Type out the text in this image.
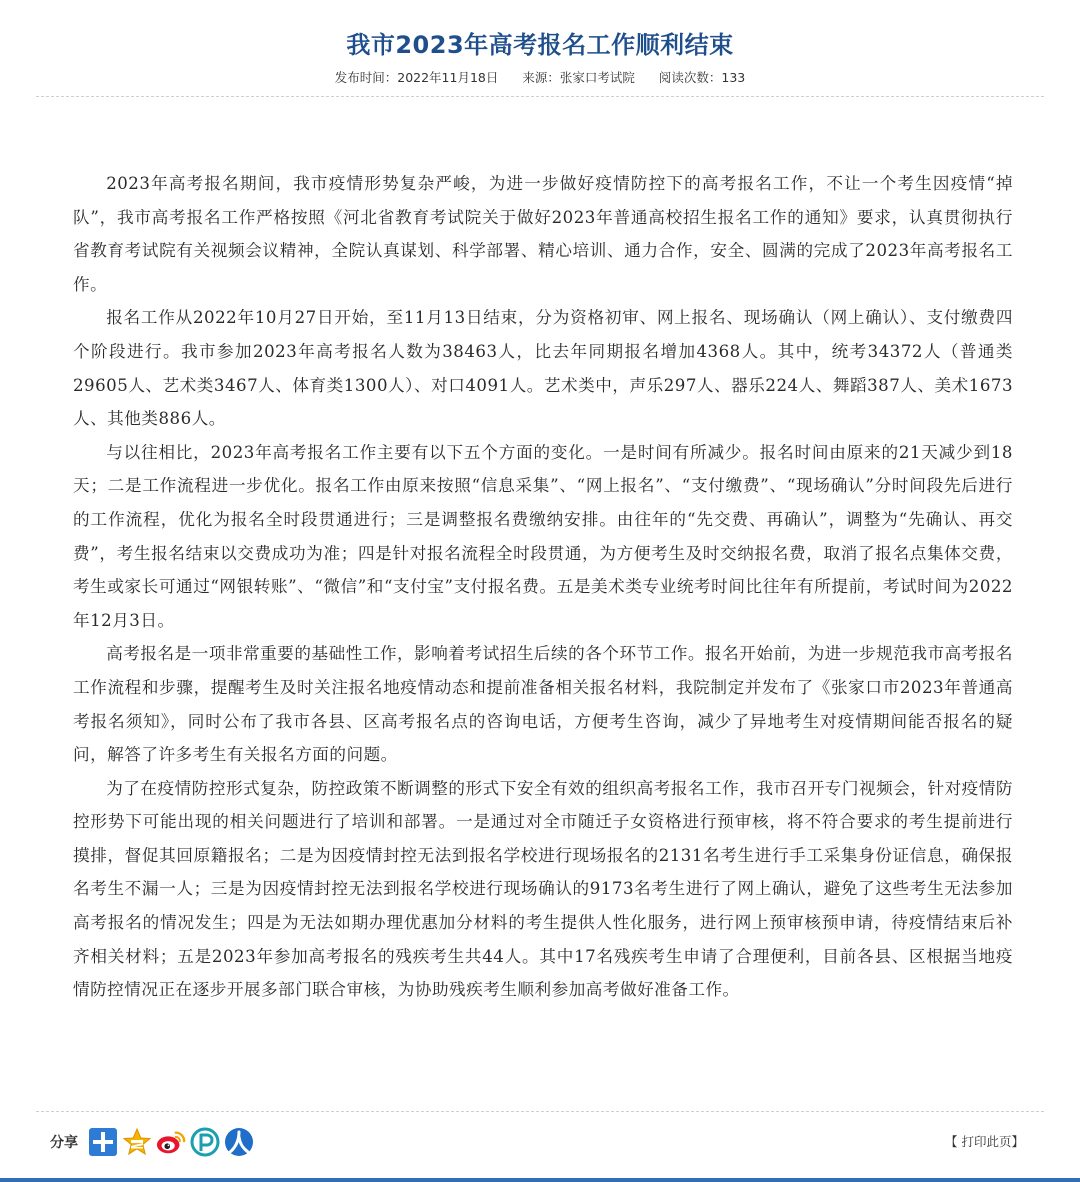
我市2023年高考报名工作顺利结束
发布时间：2022年11月18日 来源：张家口考试院 阅读次数：133

2023年高考报名期间，我市疫情形势复杂严峻，为进一步做好疫情防控下的高考报名工作，不让一个考生因疫情“掉队”，我市高考报名工作严格按照《河北省教育考试院关于做好2023年普通高校招生报名工作的通知》要求，认真贯彻执行省教育考试院有关视频会议精神，全院认真谋划、科学部署、精心培训、通力合作，安全、圆满的完成了2023年高考报名工作。

报名工作从2022年10月27日开始，至11月13日结束，分为资格初审、网上报名、现场确认（网上确认）、支付缴费四个阶段进行。我市参加2023年高考报名人数为38463人，比去年同期报名增加4368人。其中，统考34372人（普通类29605人、艺术类3467人、体育类1300人）、对口4091人。艺术类中，声乐297人、器乐224人、舞蹈387人、美术1673人、其他类886人。

与以往相比，2023年高考报名工作主要有以下五个方面的变化。一是时间有所减少。报名时间由原来的21天减少到18天；二是工作流程进一步优化。报名工作由原来按照“信息采集”、“网上报名”、“支付缴费”、“现场确认”分时间段先后进行的工作流程，优化为报名全时段贯通进行；三是调整报名费缴纳安排。由往年的“先交费、再确认”，调整为“先确认、再交费”，考生报名结束以交费成功为准；四是针对报名流程全时段贯通，为方便考生及时交纳报名费，取消了报名点集体交费，考生或家长可通过“网银转账”、“微信”和“支付宝”支付报名费。五是美术类专业统考时间比往年有所提前，考试时间为2022年12月3日。

高考报名是一项非常重要的基础性工作，影响着考试招生后续的各个环节工作。报名开始前，为进一步规范我市高考报名工作流程和步骤，提醒考生及时关注报名地疫情动态和提前准备相关报名材料，我院制定并发布了《张家口市2023年普通高考报名须知》，同时公布了我市各县、区高考报名点的咨询电话，方便考生咨询，减少了异地考生对疫情期间能否报名的疑问，解答了许多考生有关报名方面的问题。

为了在疫情防控形式复杂，防控政策不断调整的形式下安全有效的组织高考报名工作，我市召开专门视频会，针对疫情防控形势下可能出现的相关问题进行了培训和部署。一是通过对全市随迁子女资格进行预审核，将不符合要求的考生提前进行摸排，督促其回原籍报名；二是为因疫情封控无法到报名学校进行现场报名的2131名考生进行手工采集身份证信息，确保报名考生不漏一人；三是为因疫情封控无法到报名学校进行现场确认的9173名考生进行了网上确认，避免了这些考生无法参加高考报名的情况发生；四是为无法如期办理优惠加分材料的考生提供人性化服务，进行网上预审核预申请，待疫情结束后补齐相关材料；五是2023年参加高考报名的残疾考生共44人。其中17名残疾考生申请了合理便利，目前各县、区根据当地疫情防控情况正在逐步开展多部门联合审核，为协助残疾考生顺利参加高考做好准备工作。

分享	【 打印此页】
